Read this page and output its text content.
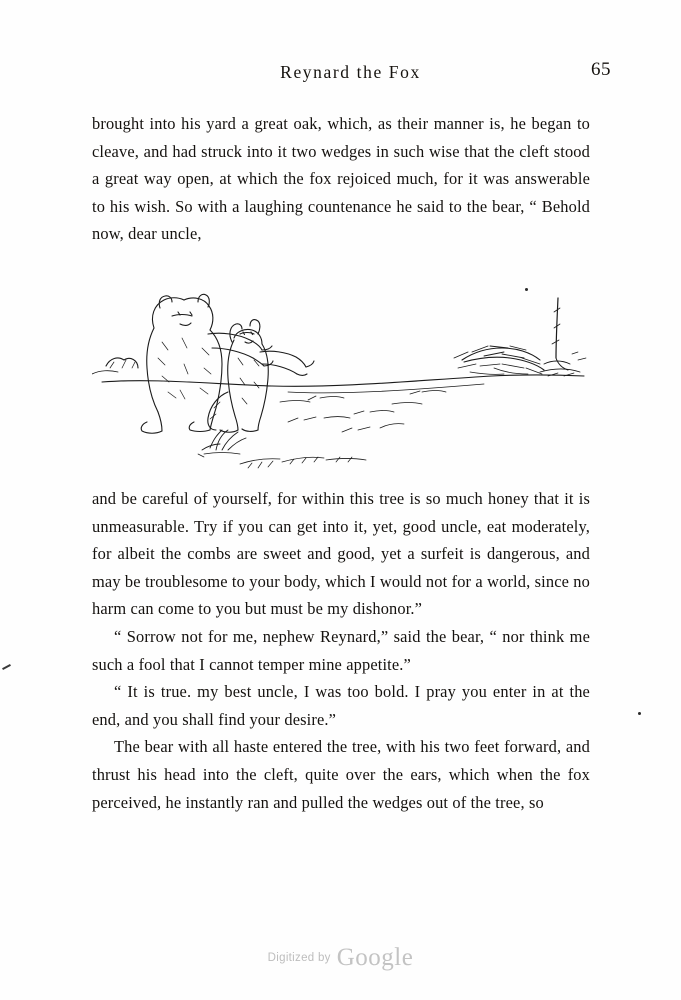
Reynard the Fox	65

brought into his yard a great oak, which, as their manner is, he began to cleave, and had struck into it two wedges in such wise that the cleft stood a great way open, at which the fox rejoiced much, for it was answerable to his wish. So with a laughing countenance he said to the bear, “ Behold now, dear uncle,

and be careful of yourself, for within this tree is so much honey that it is unmeasurable. Try if you can get into it, yet, good uncle, eat moderately, for albeit the combs are sweet and good, yet a surfeit is dangerous, and may be troublesome to your body, which I would not for a world, since no harm can come to you but must be my dishonor.”

“ Sorrow not for me, nephew Reynard,” said the bear, “ nor think me such a fool that I cannot temper mine appetite.”

“ It is true. my best uncle, I was too bold. I pray you enter in at the end, and you shall find your desire.”

The bear with all haste entered the tree, with his two feet forward, and thrust his head into the cleft, quite over the ears, which when the fox perceived, he instantly ran and pulled the wedges out of the tree, so

Digitized by Google
